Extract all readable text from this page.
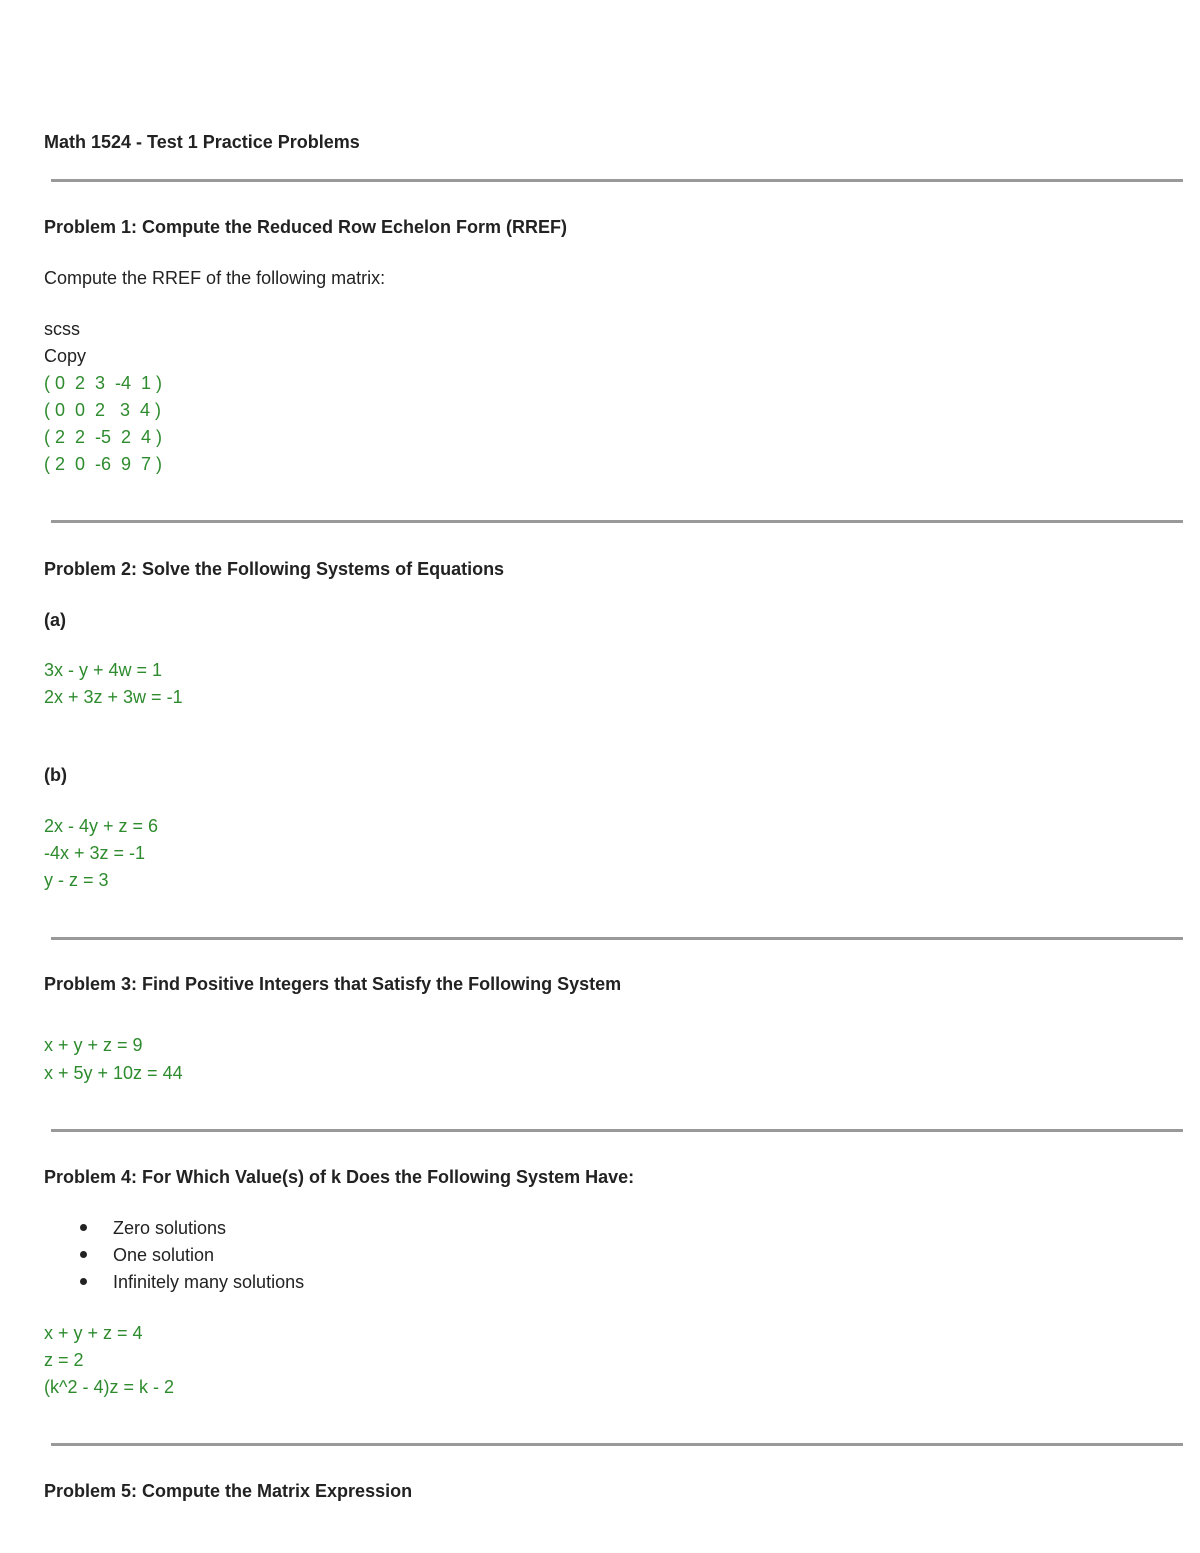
Math 1524 - Test 1 Practice Problems
Problem 1: Compute the Reduced Row Echelon Form (RREF)
Compute the RREF of the following matrix:
scss
Copy
( 0  2  3  -4  1 )
( 0  0  2   3  4 )
( 2  2  -5  2  4 )
( 2  0  -6  9  7 )
Problem 2: Solve the Following Systems of Equations
(a)
3x - y + 4w = 1
2x + 3z + 3w = -1
(b)
2x - 4y + z = 6
-4x + 3z = -1
y - z = 3
Problem 3: Find Positive Integers that Satisfy the Following System
x + y + z = 9
x + 5y + 10z = 44
Problem 4: For Which Value(s) of k Does the Following System Have:
Zero solutions
One solution
Infinitely many solutions
x + y + z = 4
z = 2
(k^2 - 4)z = k - 2
Problem 5: Compute the Matrix Expression
